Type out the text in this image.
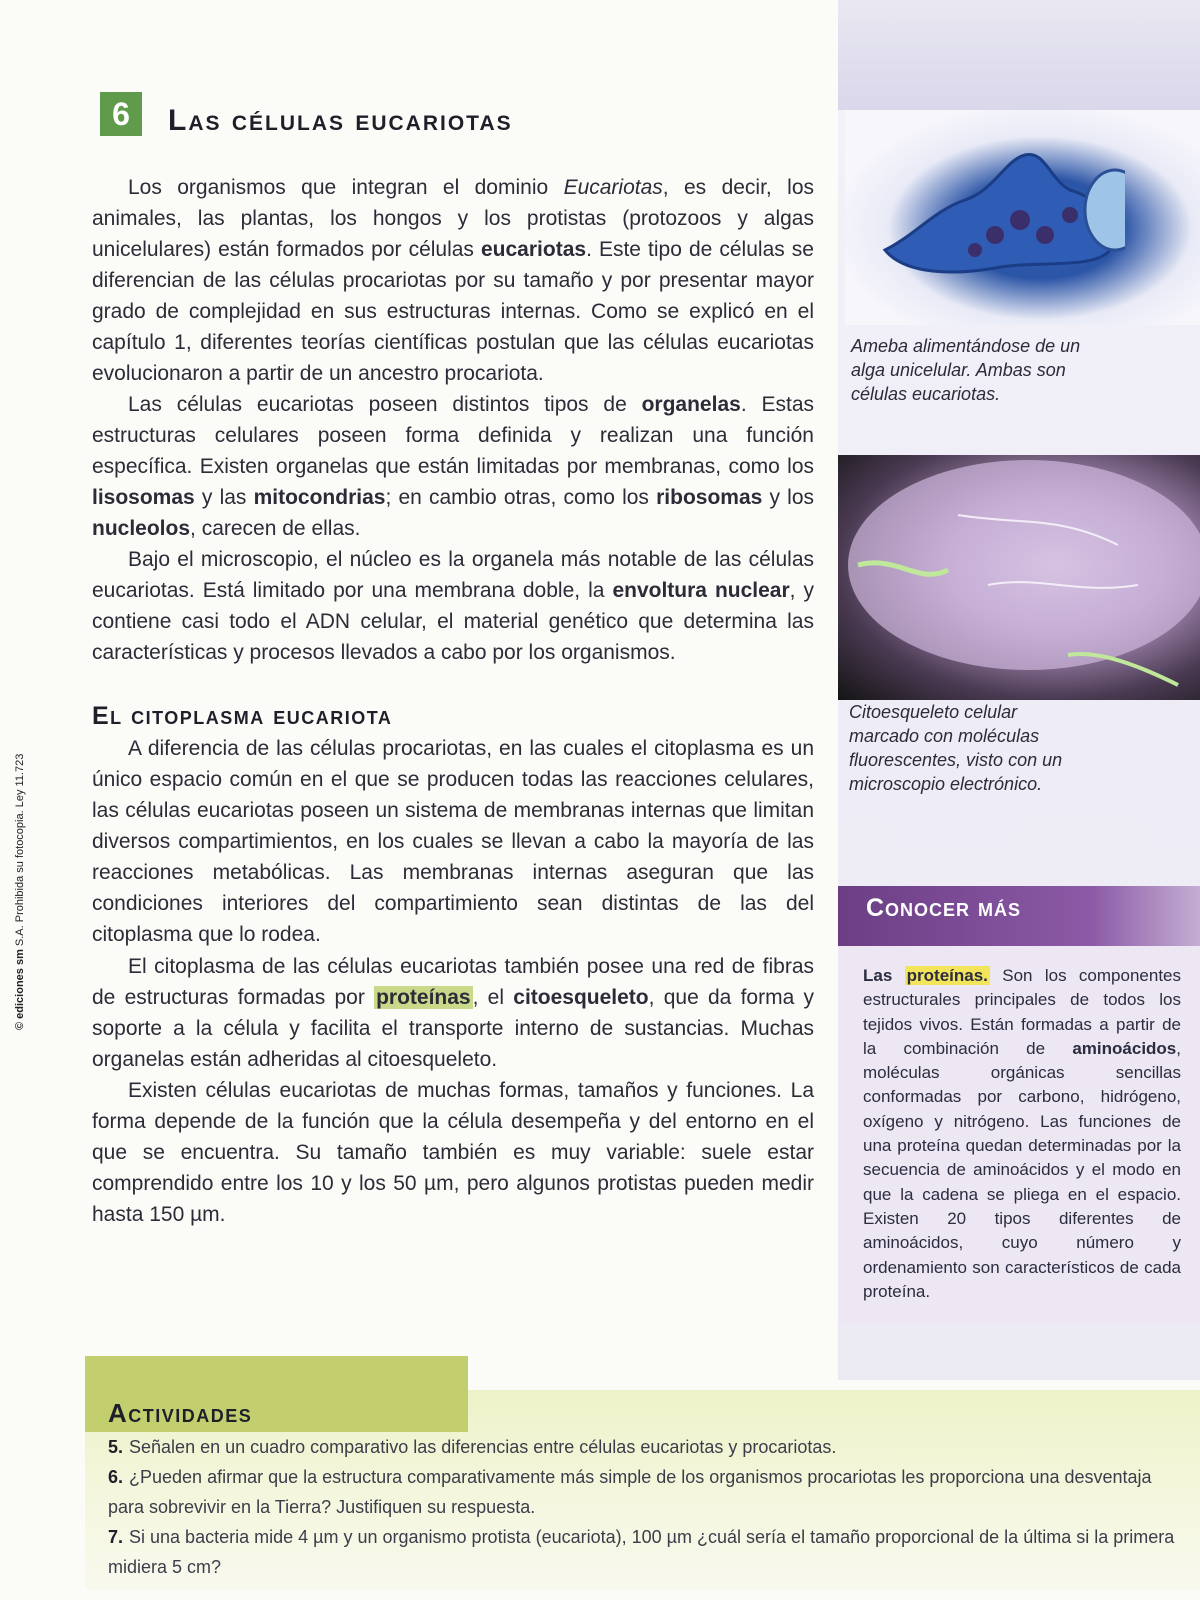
Ameba alimentándose de un alga unicelular. Ambas son células eucariotas.
Citoesqueleto celular marcado con moléculas fluorescentes, visto con un microscopio electrónico.
6	Las células eucariotas
Los organismos que integran el dominio Eucariotas, es decir, los animales, las plantas, los hongos y los protistas (protozoos y algas unicelulares) están formados por células eucariotas. Este tipo de células se diferencian de las células procariotas por su tamaño y por presentar mayor grado de complejidad en sus estructuras internas. Como se explicó en el capítulo 1, diferentes teorías científicas postulan que las células eucariotas evolucionaron a partir de un ancestro procariota.
Las células eucariotas poseen distintos tipos de organelas. Estas estructuras celulares poseen forma definida y realizan una función específica. Existen organelas que están limitadas por membranas, como los lisosomas y las mitocondrias; en cambio otras, como los ribosomas y los nucleolos, carecen de ellas.
Bajo el microscopio, el núcleo es la organela más notable de las células eucariotas. Está limitado por una membrana doble, la envoltura nuclear, y contiene casi todo el ADN celular, el material genético que determina las características y procesos llevados a cabo por los organismos.
El citoplasma eucariota
A diferencia de las células procariotas, en las cuales el citoplasma es un único espacio común en el que se producen todas las reacciones celulares, las células eucariotas poseen un sistema de membranas internas que limitan diversos compartimientos, en los cuales se llevan a cabo la mayoría de las reacciones metabólicas. Las membranas internas aseguran que las condiciones interiores del compartimiento sean distintas de las del citoplasma que lo rodea.
El citoplasma de las células eucariotas también posee una red de fibras de estructuras formadas por proteínas, el citoesqueleto, que da forma y soporte a la célula y facilita el transporte interno de sustancias. Muchas organelas están adheridas al citoesqueleto.
Existen células eucariotas de muchas formas, tamaños y funciones. La forma depende de la función que la célula desempeña y del entorno en el que se encuentra. Su tamaño también es muy variable: suele estar comprendido entre los 10 y los 50 µm, pero algunos protistas pueden medir hasta 150 µm.
© ediciones sm S.A. Prohibida su fotocopia. Ley 11.723	Conocer más
Las proteínas. Son los componentes estructurales principales de todos los tejidos vivos. Están formadas a partir de la combinación de aminoácidos, moléculas orgánicas sencillas conformadas por carbono, hidrógeno, oxígeno y nitrógeno. Las funciones de una proteína quedan determinadas por la secuencia de aminoácidos y el modo en que la cadena se pliega en el espacio. Existen 20 tipos diferentes de aminoácidos, cuyo número y ordenamiento son característicos de cada proteína.
Actividades

5. Señalen en un cuadro comparativo las diferencias entre células eucariotas y procariotas.

6. ¿Pueden afirmar que la estructura comparativamente más simple de los organismos procariotas les proporciona una desventaja para sobrevivir en la Tierra? Justifiquen su respuesta.

7. Si una bacteria mide 4 µm y un organismo protista (eucariota), 100 µm ¿cuál sería el tamaño proporcional de la última si la primera midiera 5 cm?
